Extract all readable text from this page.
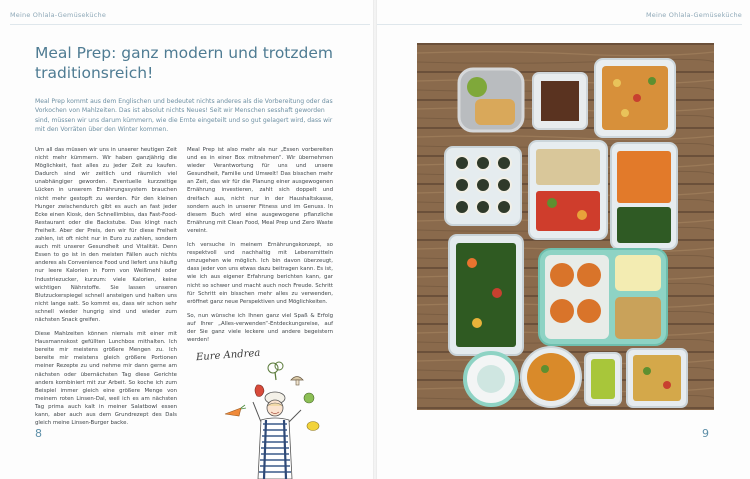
Meine Ohlala-Gemüseküche
Meal Prep: ganz modern und trotzdem traditionsreich!
Meal Prep kommt aus dem Englischen und bedeutet nichts anderes als die Vorbereitung oder das Vorkochen von Mahlzeiten. Das ist absolut nichts Neues! Seit wir Menschen sesshaft geworden sind, müssen wir uns darum kümmern, wie die Ernte eingeteilt und so gut gelagert wird, dass wir mit den Vorräten über den Winter kommen.

Um all das müssen wir uns in unserer heutigen Zeit nicht mehr kümmern. Wir haben ganzjährig die Möglichkeit, fast alles zu jeder Zeit zu kaufen. Dadurch sind wir zeitlich und räumlich viel unabhängiger geworden. Eventuelle kurzzeitige Lücken in unserem Ernährungssystem brauchen nicht mehr gestopft zu werden. Für den kleinen Hunger zwischendurch gibt es auch an fast jeder Ecke einen Kiosk, den Schnellimbiss, das Fast-Food-Restaurant oder die Backstube. Das klingt nach Freiheit. Aber der Preis, den wir für diese Freiheit zahlen, ist oft nicht nur in Euro zu zahlen, sondern auch mit unserer Gesundheit und Vitalität. Denn Essen to go ist in den meisten Fällen auch nichts anderes als Convenience Food und liefert uns häufig nur leere Kalorien in Form von Weißmehl oder Industriezucker, kurzum: viele Kalorien, keine wichtigen Nährstoffe. Sie lassen unseren Blutzuckerspiegel schnell ansteigen und halten uns nicht lange satt. So kommt es, dass wir schon sehr schnell wieder hungrig sind und wieder zum nächsten Snack greifen.

Diese Mahlzeiten können niemals mit einer mit Hausmannskost gefüllten Lunchbox mithalten. Ich bereite mir meistens größere Mengen zu. Ich bereite mir meistens gleich größere Portionen meiner Rezepte zu und nehme mir dann gerne am nächsten oder übernächsten Tag diese Gerichte anders kombiniert mit zur Arbeit. So koche ich zum Beispiel immer gleich eine größere Menge von meinem roten Linsen-Dal, weil ich es am nächsten Tag prima auch kalt in meiner Salatbowl essen kann, aber auch aus dem Grundrezept des Dals gleich meine Linsen-Burger backe.

Meal Prep ist also mehr als nur „Essen vorbereiten und es in einer Box mitnehmen“. Wir übernehmen wieder Verantwortung für uns und unsere Gesundheit, Familie und Umwelt! Das bisschen mehr an Zeit, das wir für die Planung einer ausgewogenen Ernährung investieren, zahlt sich doppelt und dreifach aus, nicht nur in der Haushaltskasse, sondern auch in unserer Fitness und im Genuss. In diesem Buch wird eine ausgewogene pflanzliche Ernährung mit Clean Food, Meal Prep und Zero Waste vereint.

Ich versuche in meinem Ernährungskonzept, so respektvoll und nachhaltig mit Lebensmitteln umzugehen wie möglich. Ich bin davon überzeugt, dass jeder von uns etwas dazu beitragen kann. Es ist, wie ich aus eigener Erfahrung berichten kann, gar nicht so schwer und macht auch noch Freude. Schritt für Schritt ein bisschen mehr alles zu verwenden, eröffnet ganz neue Perspektiven und Möglichkeiten.

So, nun wünsche ich Ihnen ganz viel Spaß & Erfolg auf Ihrer „Alles-verwenden“-Entdeckungsreise, auf der Sie ganz viele leckere und andere begeistern werden!

Eure Andrea
8
Meine Ohlala-Gemüseküche
9
